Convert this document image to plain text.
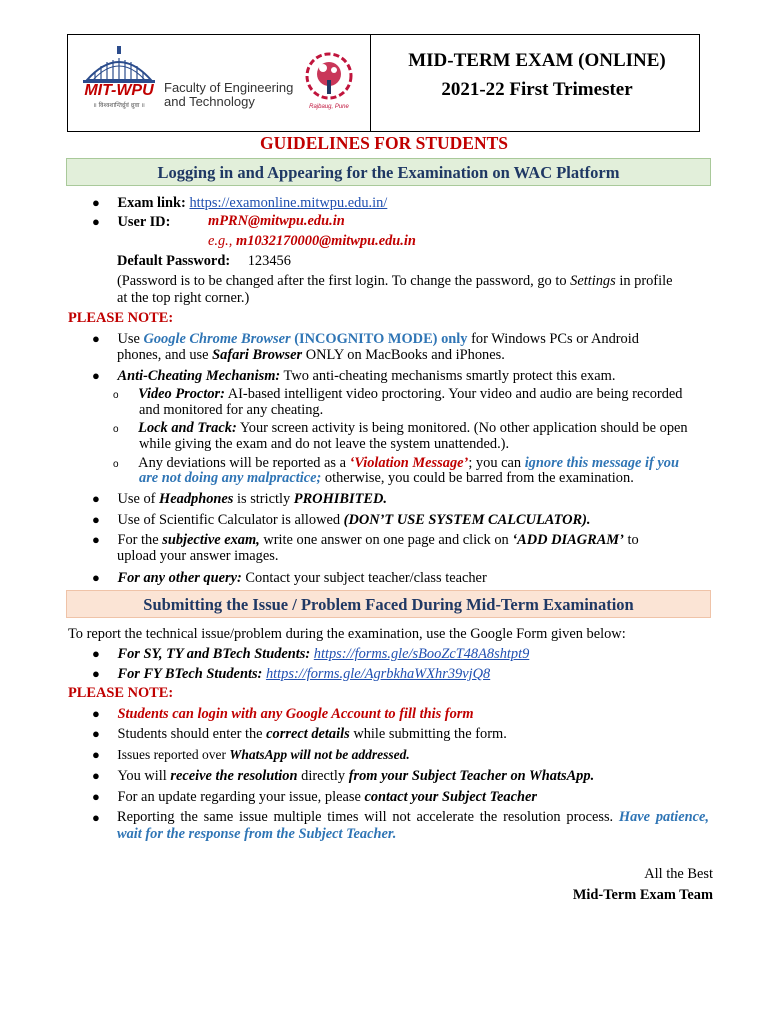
MIT-WPU
॥ विश्वशान्तिर्ध्रुवं ध्रुवा ॥
Faculty of Engineering
and Technology	Rajbaug, Pune
MID-TERM EXAM (ONLINE)
2021-22 First Trimester
GUIDELINES FOR STUDENTS
Logging in and Appearing for the Examination on WAC Platform
● Exam link: https://examonline.mitwpu.edu.in/
● User ID:	mPRN@mitwpu.edu.in
e.g., m1032170000@mitwpu.edu.in
Default Password: 123456
(Password is to be changed after the first login. To change the password, go to Settings in profile
at the top right corner.)
PLEASE NOTE:
● Use Google Chrome Browser (INCOGNITO MODE) only for Windows PCs or Android
phones, and use Safari Browser ONLY on MacBooks and iPhones.
● Anti-Cheating Mechanism: Two anti-cheating mechanisms smartly protect this exam.
o Video Proctor: AI-based intelligent video proctoring. Your video and audio are being recorded
and monitored for any cheating.
o Lock and Track: Your screen activity is being monitored. (No other application should be open
while giving the exam and do not leave the system unattended.).
o Any deviations will be reported as a ‘Violation Message’; you can ignore this message if you
are not doing any malpractice; otherwise, you could be barred from the examination.
● Use of Headphones is strictly PROHIBITED.
● Use of Scientific Calculator is allowed (DON’T USE SYSTEM CALCULATOR).
● For the subjective exam, write one answer on one page and click on ‘ADD DIAGRAM’ to
upload your answer images.
● For any other query: Contact your subject teacher/class teacher
Submitting the Issue / Problem Faced During Mid-Term Examination
To report the technical issue/problem during the examination, use the Google Form given below:
● For SY, TY and BTech Students: https://forms.gle/sBooZcT48A8shtpt9
● For FY BTech Students: https://forms.gle/AgrbkhaWXhr39vjQ8
PLEASE NOTE:
● Students can login with any Google Account to fill this form
● Students should enter the correct details while submitting the form.
● Issues reported over WhatsApp will not be addressed.
● You will receive the resolution directly from your Subject Teacher on WhatsApp.
● For an update regarding your issue, please contact your Subject Teacher
● Reporting the same issue multiple times will not accelerate the resolution process. Have patience, wait for the response from the Subject Teacher.
All the Best
Mid-Term Exam Team
